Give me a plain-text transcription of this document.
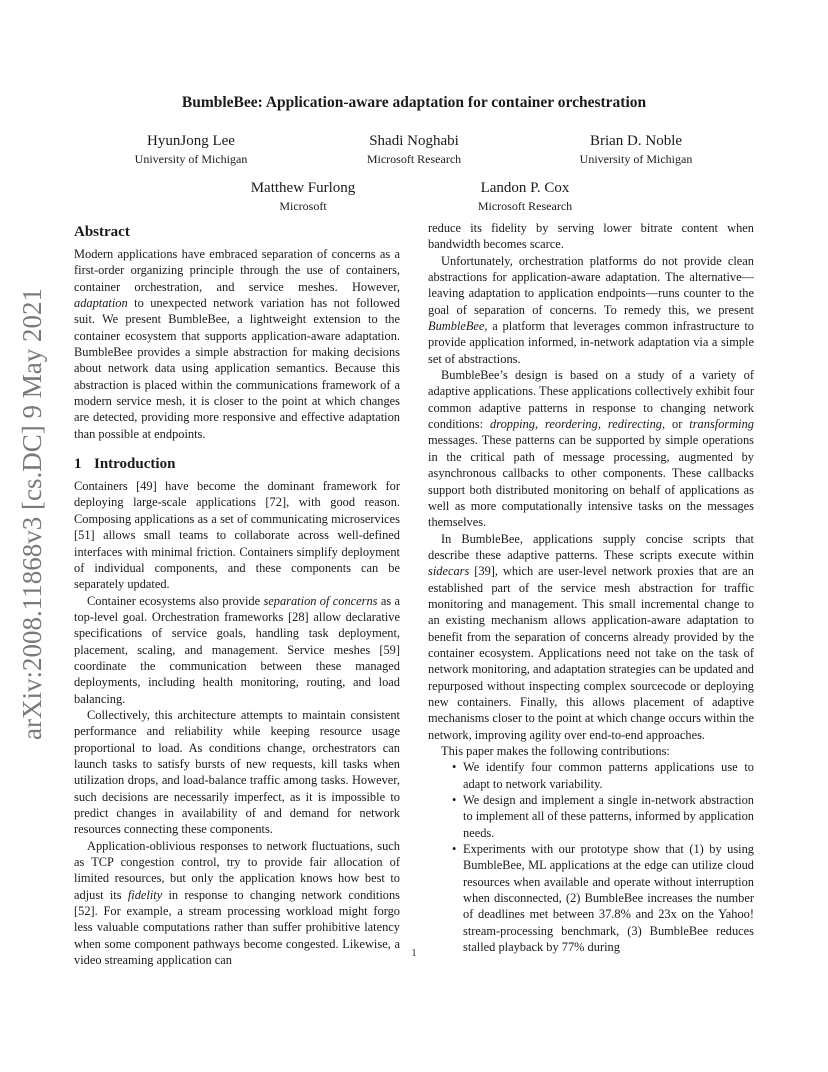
arXiv:2008.11868v3 [cs.DC] 9 May 2021
BumbleBee: Application-aware adaptation for container orchestration
HyunJong Lee
University of Michigan
Shadi Noghabi
Microsoft Research
Brian D. Noble
University of Michigan
Matthew Furlong
Microsoft
Landon P. Cox
Microsoft Research
Abstract

Modern applications have embraced separation of concerns as a first-order organizing principle through the use of containers, container orchestration, and service meshes. However, adaptation to unexpected network variation has not followed suit. We present BumbleBee, a lightweight extension to the container ecosystem that supports application-aware adaptation. BumbleBee provides a simple abstraction for making decisions about network data using application semantics. Because this abstraction is placed within the communications framework of a modern service mesh, it is closer to the point at which changes are detected, providing more responsive and effective adaptation than possible at endpoints.

1 Introduction

Containers [49] have become the dominant framework for deploying large-scale applications [72], with good reason. Composing applications as a set of communicating microservices [51] allows small teams to collaborate across well-defined interfaces with minimal friction. Containers simplify deployment of individual components, and these components can be separately updated.

Container ecosystems also provide separation of concerns as a top-level goal. Orchestration frameworks [28] allow declarative specifications of service goals, handling task deployment, placement, scaling, and management. Service meshes [59] coordinate the communication between these managed deployments, including health monitoring, routing, and load balancing.

Collectively, this architecture attempts to maintain consistent performance and reliability while keeping resource usage proportional to load. As conditions change, orchestrators can launch tasks to satisfy bursts of new requests, kill tasks when utilization drops, and load-balance traffic among tasks. However, such decisions are necessarily imperfect, as it is impossible to predict changes in availability of and demand for network resources connecting these components.

Application-oblivious responses to network fluctuations, such as TCP congestion control, try to provide fair allocation of limited resources, but only the application knows how best to adjust its fidelity in response to changing network conditions [52]. For example, a stream processing workload might forgo less valuable computations rather than suffer prohibitive latency when some component pathways become congested. Likewise, a video streaming application can

reduce its fidelity by serving lower bitrate content when bandwidth becomes scarce.

Unfortunately, orchestration platforms do not provide clean abstractions for application-aware adaptation. The alternative—leaving adaptation to application endpoints—runs counter to the goal of separation of concerns. To remedy this, we present BumbleBee, a platform that leverages common infrastructure to provide application informed, in-network adaptation via a simple set of abstractions.

BumbleBee’s design is based on a study of a variety of adaptive applications. These applications collectively exhibit four common adaptive patterns in response to changing network conditions: dropping, reordering, redirecting, or transforming messages. These patterns can be supported by simple operations in the critical path of message processing, augmented by asynchronous callbacks to other components. These callbacks support both distributed monitoring on behalf of applications as well as more computationally intensive tasks on the messages themselves.

In BumbleBee, applications supply concise scripts that describe these adaptive patterns. These scripts execute within sidecars [39], which are user-level network proxies that are an established part of the service mesh abstraction for traffic monitoring and management. This small incremental change to an existing mechanism allows application-aware adaptation to benefit from the separation of concerns already provided by the container ecosystem. Applications need not take on the task of network monitoring, and adaptation strategies can be updated and repurposed without inspecting complex sourcecode or deploying new containers. Finally, this allows placement of adaptive mechanisms closer to the point at which change occurs within the network, improving agility over end-to-end approaches.

This paper makes the following contributions:

• We identify four common patterns applications use to adapt to network variability.
• We design and implement a single in-network abstraction to implement all of these patterns, informed by application needs.
• Experiments with our prototype show that (1) by using BumbleBee, ML applications at the edge can utilize cloud resources when available and operate without interruption when disconnected, (2) BumbleBee increases the number of deadlines met between 37.8% and 23x on the Yahoo! stream-processing benchmark, (3) BumbleBee reduces stalled playback by 77% during
1
